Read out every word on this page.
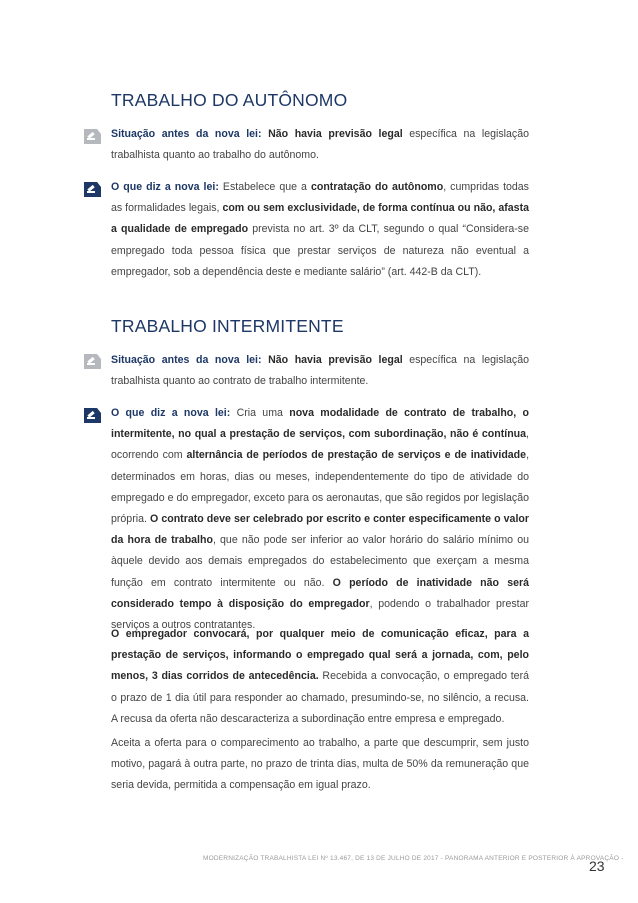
TRABALHO DO AUTÔNOMO

Situação antes da nova lei: Não havia previsão legal específica na legislação trabalhista quanto ao trabalho do autônomo.

O que diz a nova lei: Estabelece que a contratação do autônomo, cumpridas todas as formalidades legais, com ou sem exclusividade, de forma contínua ou não, afasta a qualidade de empregado prevista no art. 3º da CLT, segundo o qual “Considera-se empregado toda pessoa física que prestar serviços de natureza não eventual a empregador, sob a dependência deste e mediante salário” (art. 442-B da CLT).

TRABALHO INTERMITENTE

Situação antes da nova lei: Não havia previsão legal específica na legislação trabalhista quanto ao contrato de trabalho intermitente.

O que diz a nova lei: Cria uma nova modalidade de contrato de trabalho, o intermitente, no qual a prestação de serviços, com subordinação, não é contínua, ocorrendo com alternância de períodos de prestação de serviços e de inatividade, determinados em horas, dias ou meses, independentemente do tipo de atividade do empregado e do empregador, exceto para os aeronautas, que são regidos por legislação própria. O contrato deve ser celebrado por escrito e conter especificamente o valor da hora de trabalho, que não pode ser inferior ao valor horário do salário mínimo ou àquele devido aos demais empregados do estabelecimento que exerçam a mesma função em contrato intermitente ou não. O período de inatividade não será considerado tempo à disposição do empregador, podendo o trabalhador prestar serviços a outros contratantes.

O empregador convocará, por qualquer meio de comunicação eficaz, para a prestação de serviços, informando o empregado qual será a jornada, com, pelo menos, 3 dias corridos de antecedência. Recebida a convocação, o empregado terá o prazo de 1 dia útil para responder ao chamado, presumindo-se, no silêncio, a recusa. A recusa da oferta não descaracteriza a subordinação entre empresa e empregado.

Aceita a oferta para o comparecimento ao trabalho, a parte que descumprir, sem justo motivo, pagará à outra parte, no prazo de trinta dias, multa de 50% da remuneração que seria devida, permitida a compensação em igual prazo.

MODERNIZAÇÃO TRABALHISTA LEI Nº 13.467, DE 13 DE JULHO DE 2017 - PANORAMA ANTERIOR E POSTERIOR À APROVAÇÃO -
23
